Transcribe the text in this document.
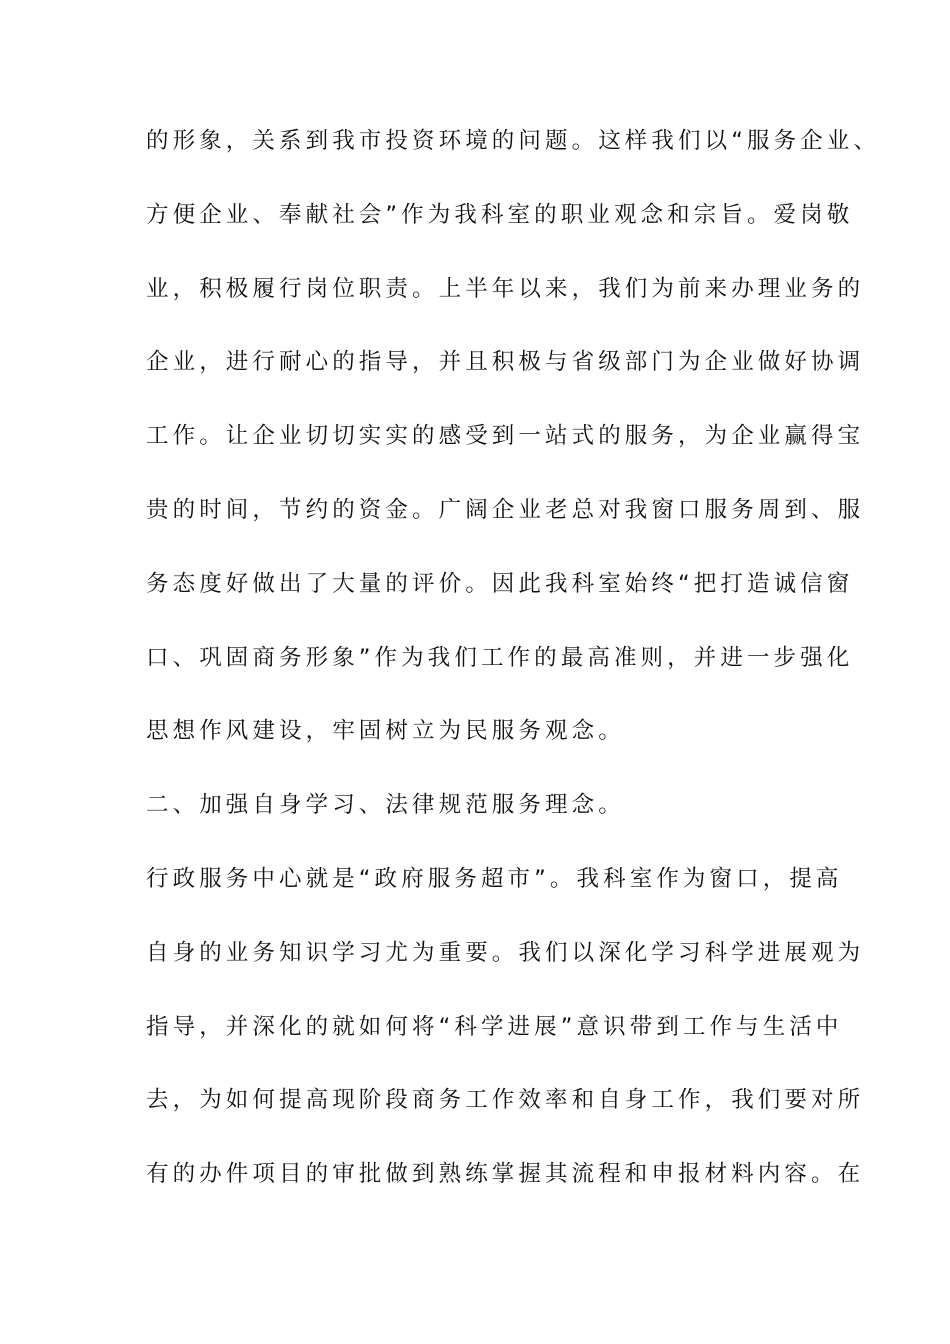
的形象，关系到我市投资环境的问题。这样我们以“服务企业、
方便企业、奉献社会”作为我科室的职业观念和宗旨。爱岗敬
业，积极履行岗位职责。上半年以来，我们为前来办理业务的
企业，进行耐心的指导，并且积极与省级部门为企业做好协调
工作。让企业切切实实的感受到一站式的服务，为企业赢得宝
贵的时间，节约的资金。广阔企业老总对我窗口服务周到、服
务态度好做出了大量的评价。因此我科室始终“把打造诚信窗
口、巩固商务形象”作为我们工作的最高准则，并进一步强化
思想作风建设，牢固树立为民服务观念。
二、加强自身学习、法律规范服务理念。
行政服务中心就是“政府服务超市”。我科室作为窗口，提高
自身的业务知识学习尤为重要。我们以深化学习科学进展观为
指导，并深化的就如何将“科学进展”意识带到工作与生活中
去，为如何提高现阶段商务工作效率和自身工作，我们要对所
有的办件项目的审批做到熟练掌握其流程和申报材料内容。在
